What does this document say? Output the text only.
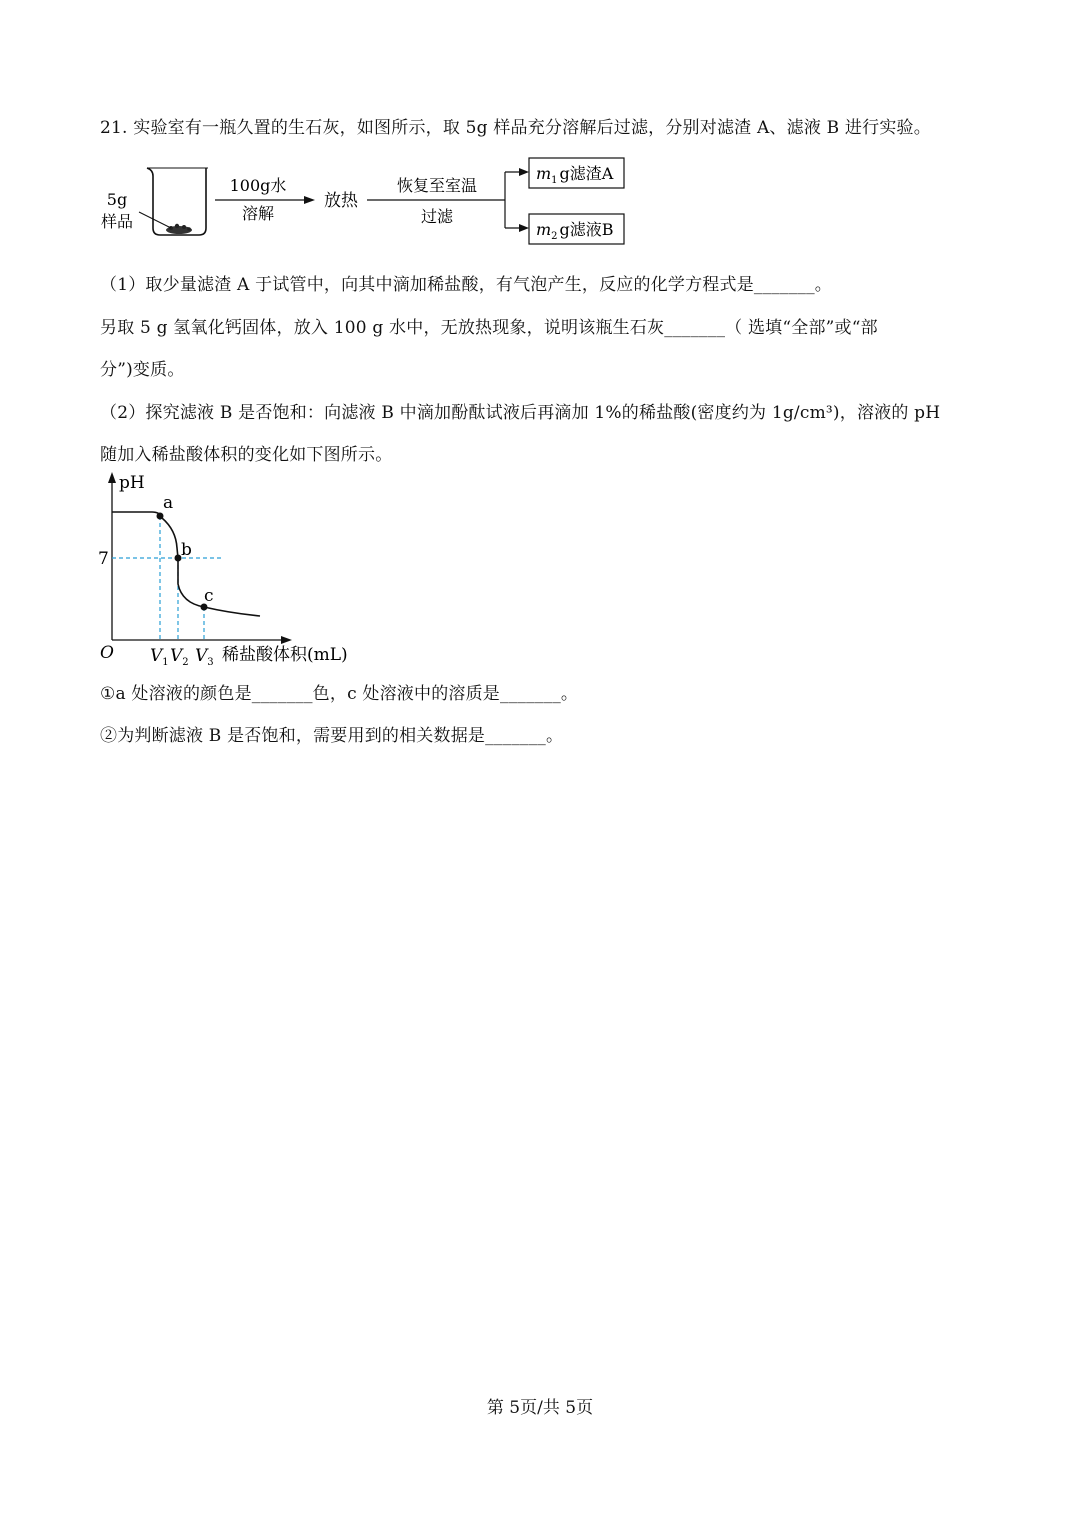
21. 实验室有一瓶久置的生石灰，如图所示，取 5g 样品充分溶解后过滤，分别对滤渣 A、滤液 B 进行实验。
5g
样品
100g水
溶解
放热
恢复至室温
过滤
$m_1$ g滤渣A
$m_2$ g滤液B
（1）取少量滤渣 A 于试管中，向其中滴加稀盐酸，有气泡产生，反应的化学方程式是_______。
另取 5 g 氢氧化钙固体，放入 100 g 水中，无放热现象，说明该瓶生石灰_______（ 选填“全部”或“部
分”)变质。
（2）探究滤液 B 是否饱和：向滤液 B 中滴加酚酞试液后再滴加 1%的稀盐酸(密度约为 1g/cm³)，溶液的 pH
随加入稀盐酸体积的变化如下图所示。
pH
O
7
a
b
c
$V_1$ $V_2$ $V_3$ 稀盐酸体积(mL)
①a 处溶液的颜色是_______色，c 处溶液中的溶质是_______。
②为判断滤液 B 是否饱和，需要用到的相关数据是_______。
第 5页/共 5页
